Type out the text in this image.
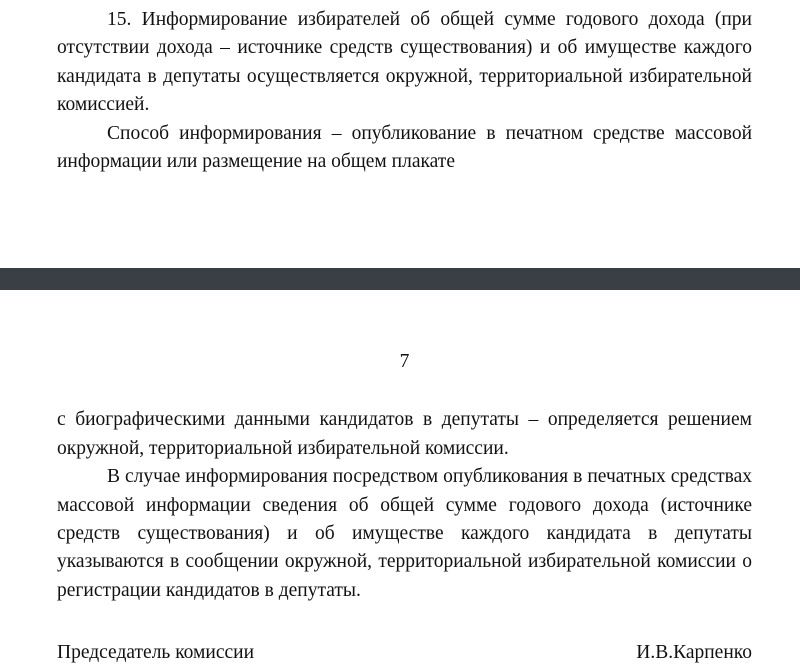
15. Информирование избирателей об общей сумме годового дохода (при отсутствии дохода – источнике средств существования) и об имуществе каждого кандидата в депутаты осуществляется окружной, территориальной избирательной комиссией.

Способ информирования – опубликование в печатном средстве массовой информации или размещение на общем плакате

7

с биографическими данными кандидатов в депутаты – определяется решением окружной, территориальной избирательной комиссии.

В случае информирования посредством опубликования в печатных средствах массовой информации сведения об общей сумме годового дохода (источнике средств существования) и об имуществе каждого кандидата в депутаты указываются в сообщении окружной, территориальной избирательной комиссии о регистрации кандидатов в депутаты.

Председатель комиссии	И.В.Карпенко
